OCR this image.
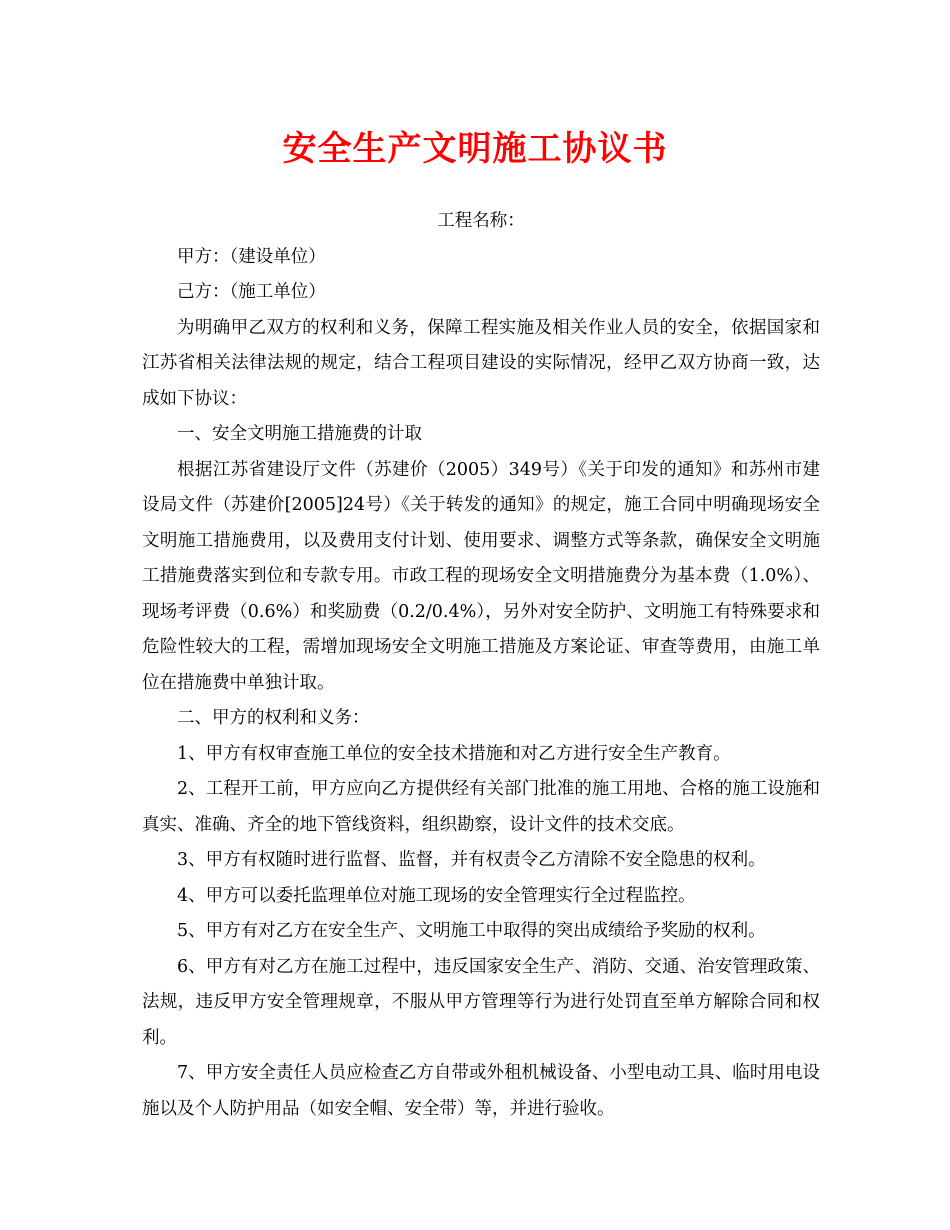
安全生产文明施工协议书

工程名称：

甲方：（建设单位）

己方：（施工单位）

为明确甲乙双方的权利和义务，保障工程实施及相关作业人员的安全，依据国家和江苏省相关法律法规的规定，结合工程项目建设的实际情况，经甲乙双方协商一致，达成如下协议：

一、安全文明施工措施费的计取

根据江苏省建设厅文件（苏建价（2005）349号）《关于印发的通知》和苏州市建设局文件（苏建价[2005]24号）《关于转发的通知》的规定，施工合同中明确现场安全文明施工措施费用，以及费用支付计划、使用要求、调整方式等条款，确保安全文明施工措施费落实到位和专款专用。市政工程的现场安全文明措施费分为基本费（1.0%）、现场考评费（0.6%）和奖励费（0.2/0.4%），另外对安全防护、文明施工有特殊要求和危险性较大的工程，需增加现场安全文明施工措施及方案论证、审查等费用，由施工单位在措施费中单独计取。

二、甲方的权利和义务：

1、甲方有权审查施工单位的安全技术措施和对乙方进行安全生产教育。

2、工程开工前，甲方应向乙方提供经有关部门批准的施工用地、合格的施工设施和真实、准确、齐全的地下管线资料，组织勘察，设计文件的技术交底。

3、甲方有权随时进行监督、监督，并有权责令乙方清除不安全隐患的权利。

4、甲方可以委托监理单位对施工现场的安全管理实行全过程监控。

5、甲方有对乙方在安全生产、文明施工中取得的突出成绩给予奖励的权利。

6、甲方有对乙方在施工过程中，违反国家安全生产、消防、交通、治安管理政策、法规，违反甲方安全管理规章，不服从甲方管理等行为进行处罚直至单方解除合同和权利。

7、甲方安全责任人员应检查乙方自带或外租机械设备、小型电动工具、临时用电设施以及个人防护用品（如安全帽、安全带）等，并进行验收。
